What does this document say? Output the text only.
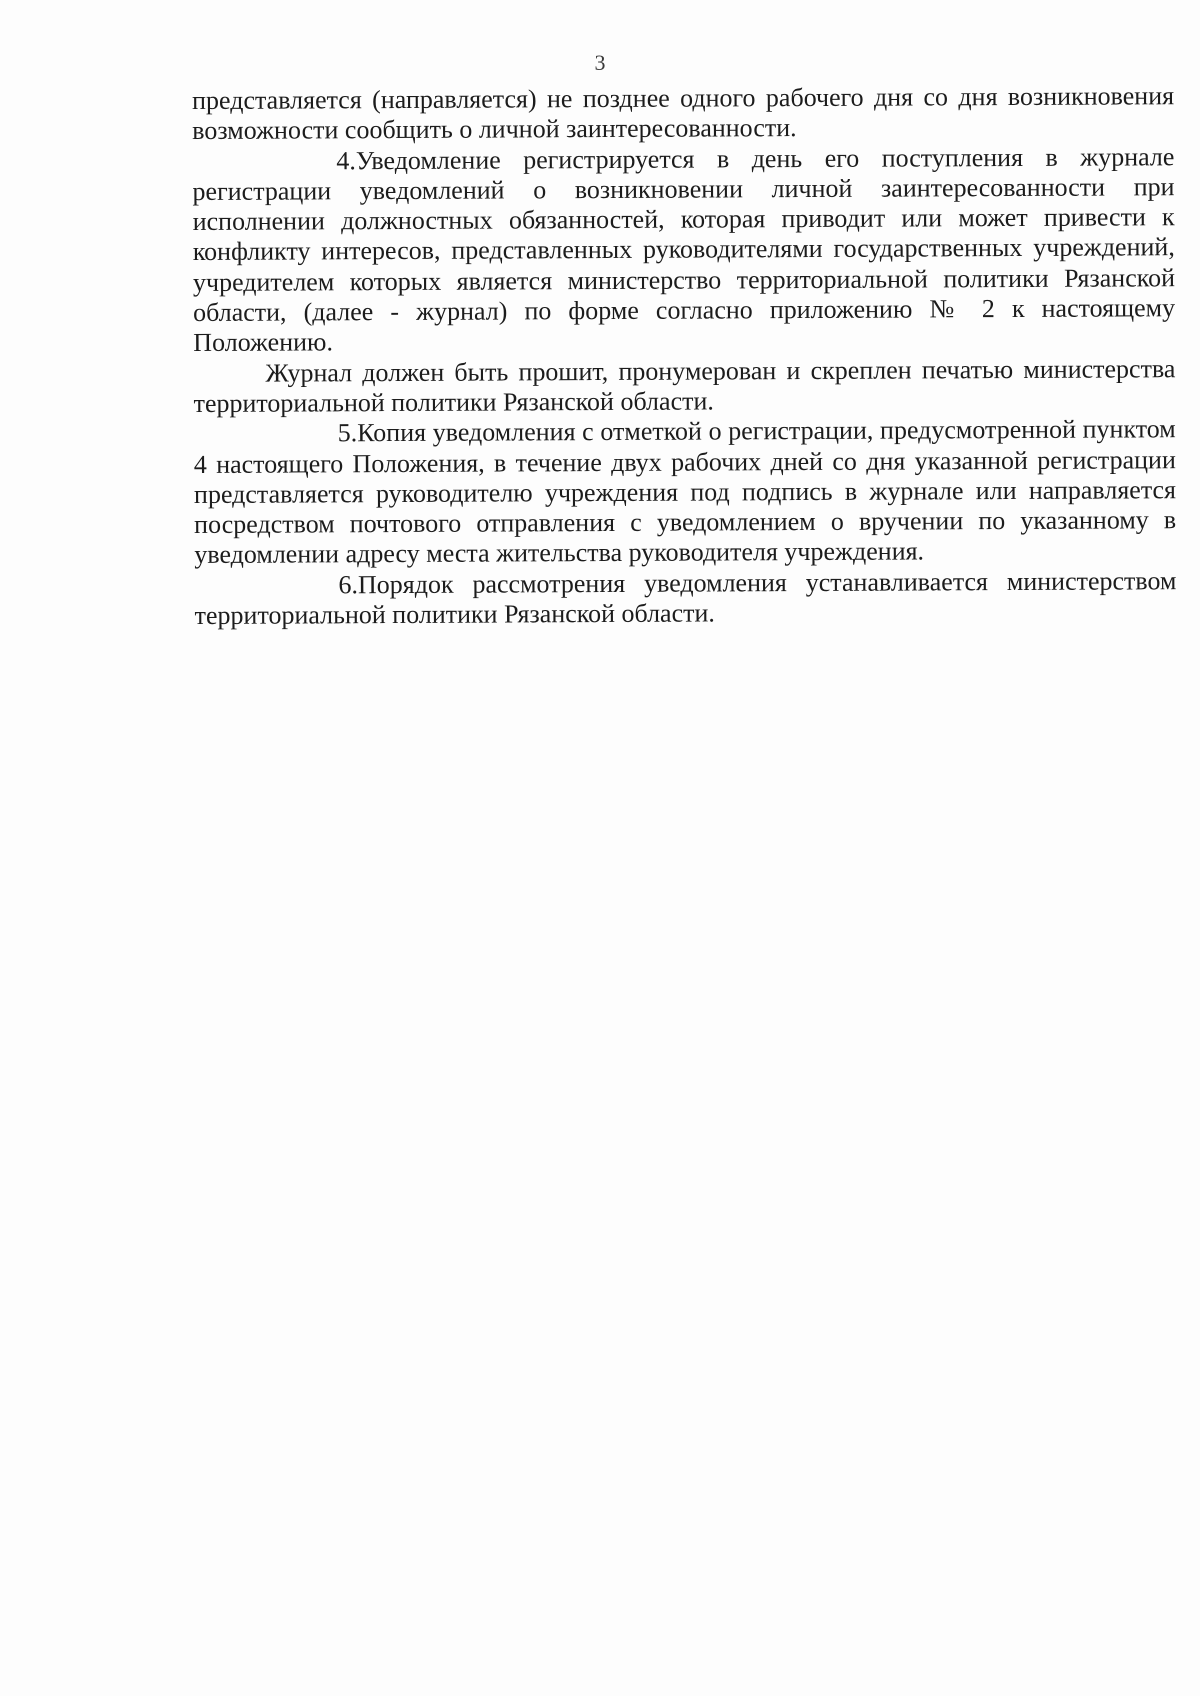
3

представляется (направляется) не позднее одного рабочего дня со дня возникновения возможности сообщить о личной заинтересованности.

4.Уведомление регистрируется в день его поступления в журнале регистрации уведомлений о возникновении личной заинтересованности при исполнении должностных обязанностей, которая приводит или может привести к конфликту интересов, представленных руководителями государственных учреждений, учредителем которых является министерство территориальной политики Рязанской области, (далее - журнал) по форме согласно приложению № 2 к настоящему Положению.

Журнал должен быть прошит, пронумерован и скреплен печатью министерства территориальной политики Рязанской области.

5.Копия уведомления с отметкой о регистрации, предусмотренной пунктом 4 настоящего Положения, в течение двух рабочих дней со дня указанной регистрации представляется руководителю учреждения под подпись в журнале или направляется посредством почтового отправления с уведомлением о вручении по указанному в уведомлении адресу места жительства руководителя учреждения.

6.Порядок рассмотрения уведомления устанавливается министерством территориальной политики Рязанской области.
